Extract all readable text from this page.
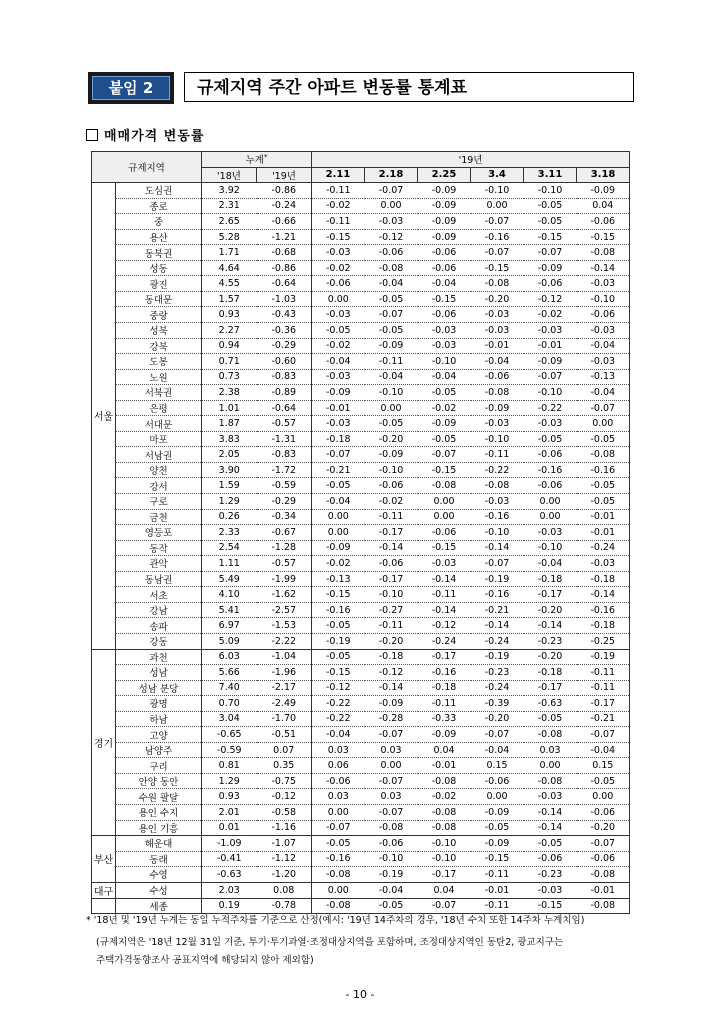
붙임 2	규제지역 주간 아파트 변동률 통계표
매매가격 변동률
규제지역		누계*		'19년					
		'18년	'19년	2.11	2.18	2.25	3.4	3.11	3.18
서울	도심권	3.92	-0.86	-0.11	-0.07	-0.09	-0.10	-0.10	-0.09
	종로	2.31	-0.24	-0.02	0.00	-0.09	0.00	-0.05	0.04
	중	2.65	-0.66	-0.11	-0.03	-0.09	-0.07	-0.05	-0.06
	용산	5.28	-1.21	-0.15	-0.12	-0.09	-0.16	-0.15	-0.15
	동북권	1.71	-0.68	-0.03	-0.06	-0.06	-0.07	-0.07	-0.08
	성동	4.64	-0.86	-0.02	-0.08	-0.06	-0.15	-0.09	-0.14
	광진	4.55	-0.64	-0.06	-0.04	-0.04	-0.08	-0.06	-0.03
	동대문	1.57	-1.03	0.00	-0.05	-0.15	-0.20	-0.12	-0.10
	중랑	0.93	-0.43	-0.03	-0.07	-0.06	-0.03	-0.02	-0.06
	성북	2.27	-0.36	-0.05	-0.05	-0.03	-0.03	-0.03	-0.03
	강북	0.94	-0.29	-0.02	-0.09	-0.03	-0.01	-0.01	-0.04
	도봉	0.71	-0.60	-0.04	-0.11	-0.10	-0.04	-0.09	-0.03
	노원	0.73	-0.83	-0.03	-0.04	-0.04	-0.06	-0.07	-0.13
	서북권	2.38	-0.89	-0.09	-0.10	-0.05	-0.08	-0.10	-0.04
	은평	1.01	-0.64	-0.01	0.00	-0.02	-0.09	-0.22	-0.07
	서대문	1.87	-0.57	-0.03	-0.05	-0.09	-0.03	-0.03	0.00
	마포	3.83	-1.31	-0.18	-0.20	-0.05	-0.10	-0.05	-0.05
	서남권	2.05	-0.83	-0.07	-0.09	-0.07	-0.11	-0.06	-0.08
	양천	3.90	-1.72	-0.21	-0.10	-0.15	-0.22	-0.16	-0.16
	강서	1.59	-0.59	-0.05	-0.06	-0.08	-0.08	-0.06	-0.05
	구로	1.29	-0.29	-0.04	-0.02	0.00	-0.03	0.00	-0.05
	금천	0.26	-0.34	0.00	-0.11	0.00	-0.16	0.00	-0.01
	영등포	2.33	-0.67	0.00	-0.17	-0.06	-0.10	-0.03	-0.01
	동작	2.54	-1.28	-0.09	-0.14	-0.15	-0.14	-0.10	-0.24
	관악	1.11	-0.57	-0.02	-0.06	-0.03	-0.07	-0.04	-0.03
	동남권	5.49	-1.99	-0.13	-0.17	-0.14	-0.19	-0.18	-0.18
	서초	4.10	-1.62	-0.15	-0.10	-0.11	-0.16	-0.17	-0.14
	강남	5.41	-2.57	-0.16	-0.27	-0.14	-0.21	-0.20	-0.16
	송파	6.97	-1.53	-0.05	-0.11	-0.12	-0.14	-0.14	-0.18
	강동	5.09	-2.22	-0.19	-0.20	-0.24	-0.24	-0.23	-0.25
경기	과천	6.03	-1.04	-0.05	-0.18	-0.17	-0.19	-0.20	-0.19
	성남	5.66	-1.96	-0.15	-0.12	-0.16	-0.23	-0.18	-0.11
	성남 분당	7.40	-2.17	-0.12	-0.14	-0.18	-0.24	-0.17	-0.11
	광명	0.70	-2.49	-0.22	-0.09	-0.11	-0.39	-0.63	-0.17
	하남	3.04	-1.70	-0.22	-0.28	-0.33	-0.20	-0.05	-0.21
	고양	-0.65	-0.51	-0.04	-0.07	-0.09	-0.07	-0.08	-0.07
	남양주	-0.59	0.07	0.03	0.03	0.04	-0.04	0.03	-0.04
	구리	0.81	0.35	0.06	0.00	-0.01	0.15	0.00	0.15
	안양 동안	1.29	-0.75	-0.06	-0.07	-0.08	-0.06	-0.08	-0.05
	수원 팔달	0.93	-0.12	0.03	0.03	-0.02	0.00	-0.03	0.00
	용인 수지	2.01	-0.58	0.00	-0.07	-0.08	-0.09	-0.14	-0.06
	용인 기흥	0.01	-1.16	-0.07	-0.08	-0.08	-0.05	-0.14	-0.20
부산	해운대	-1.09	-1.07	-0.05	-0.06	-0.10	-0.09	-0.05	-0.07
	동래	-0.41	-1.12	-0.16	-0.10	-0.10	-0.15	-0.06	-0.06
	수영	-0.63	-1.20	-0.08	-0.19	-0.17	-0.11	-0.23	-0.08
대구	수성	2.03	0.08	0.00	-0.04	0.04	-0.01	-0.03	-0.01
	세종	0.19	-0.78	-0.08	-0.05	-0.07	-0.11	-0.15	-0.08
* '18년 및 '19년 누계는 동일 누적주차를 기준으로 산정(예시: '19년 14주차의 경우, '18년 수치 또한 14주차 누계치임)
(규제지역은 '18년 12월 31일 기준, 투기·투기과열·조정대상지역을 포함하며, 조정대상지역인 동탄2, 광교지구는
주택가격동향조사 공표지역에 해당되지 않아 제외함)
- 10 -
